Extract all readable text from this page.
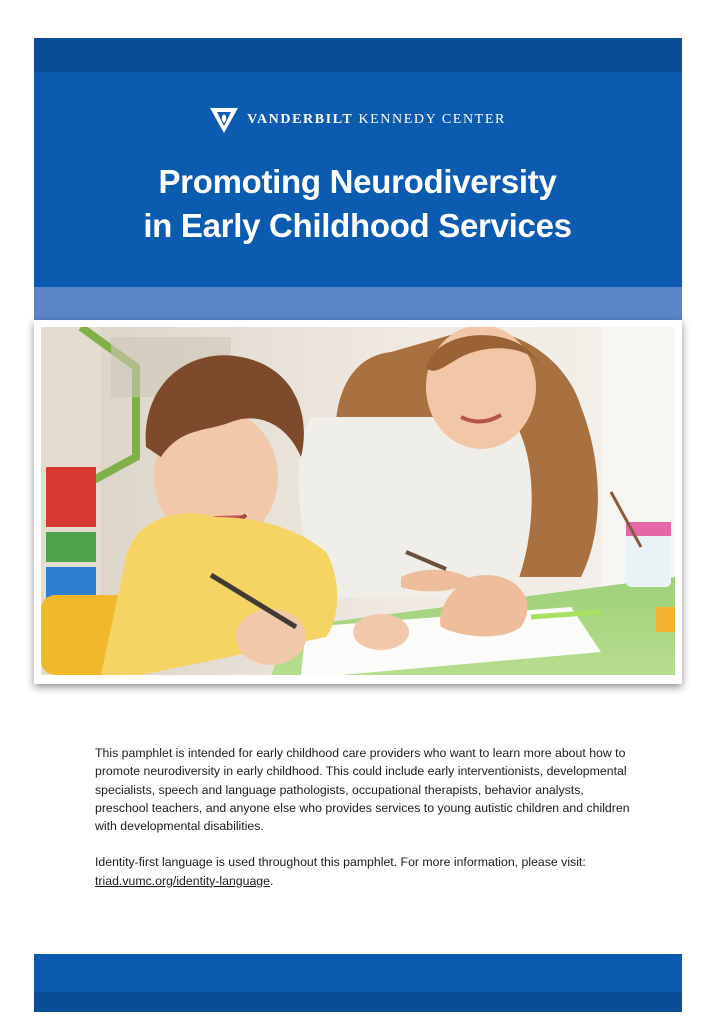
VANDERBILT KENNEDY CENTER
Promoting Neurodiversity
in Early Childhood Services

This pamphlet is intended for early childhood care providers who want to learn more about how to promote neurodiversity in early childhood. This could include early interventionists, developmental specialists, speech and language pathologists, occupational therapists, behavior analysts, preschool teachers, and anyone else who provides services to young autistic children and children with developmental disabilities.

Identity-first language is used throughout this pamphlet. For more information, please visit:
triad.vumc.org/identity-language.
